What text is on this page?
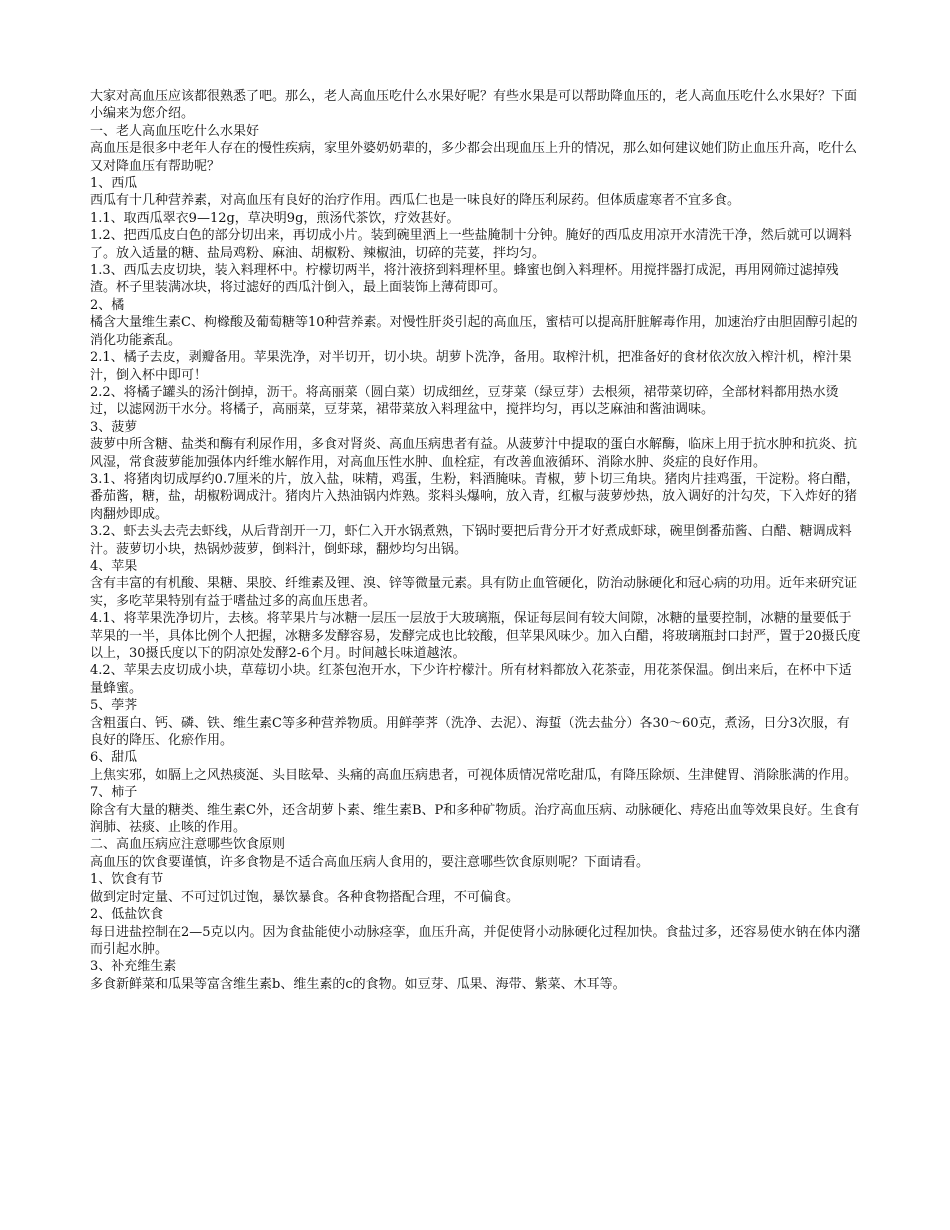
大家对高血压应该都很熟悉了吧。那么，老人高血压吃什么水果好呢？有些水果是可以帮助降血压的，老人高血压吃什么水果好？下面小编来为您介绍。

一、老人高血压吃什么水果好

高血压是很多中老年人存在的慢性疾病，家里外婆奶奶辈的，多少都会出现血压上升的情况，那么如何建议她们防止血压升高，吃什么又对降血压有帮助呢？

1、西瓜

西瓜有十几种营养素，对高血压有良好的治疗作用。西瓜仁也是一味良好的降压利尿药。但体质虚寒者不宜多食。

1.1、取西瓜翠衣9—12g，草决明9g，煎汤代茶饮，疗效甚好。

1.2、把西瓜皮白色的部分切出来，再切成小片。装到碗里洒上一些盐腌制十分钟。腌好的西瓜皮用凉开水清洗干净，然后就可以调料了。放入适量的糖、盐局鸡粉、麻油、胡椒粉、辣椒油，切碎的芫荽，拌均匀。

1.3、西瓜去皮切块，装入料理杯中。柠檬切两半，将汁液挤到料理杯里。蜂蜜也倒入料理杯。用搅拌器打成泥，再用网筛过滤掉残渣。杯子里装满冰块，将过滤好的西瓜汁倒入，最上面装饰上薄荷即可。

2、橘

橘含大量维生素C、枸橼酸及葡萄糖等10种营养素。对慢性肝炎引起的高血压，蜜桔可以提高肝脏解毒作用，加速治疗由胆固醇引起的消化功能紊乱。

2.1、橘子去皮，剥瓣备用。苹果洗净，对半切开，切小块。胡萝卜洗净，备用。取榨汁机，把准备好的食材依次放入榨汁机，榨汁果汁，倒入杯中即可！

2.2、将橘子罐头的汤汁倒掉，沥干。将高丽菜（圆白菜）切成细丝，豆芽菜（绿豆芽）去根须，裙带菜切碎，全部材料都用热水烫过，以滤网沥干水分。将橘子，高丽菜，豆芽菜，裙带菜放入料理盆中，搅拌均匀，再以芝麻油和酱油调味。

3、菠萝

菠萝中所含糖、盐类和酶有利尿作用，多食对肾炎、高血压病患者有益。从菠萝汁中提取的蛋白水解酶，临床上用于抗水肿和抗炎、抗风湿，常食菠萝能加强体内纤维水解作用，对高血压性水肿、血栓症，有改善血液循环、消除水肿、炎症的良好作用。

3.1、将猪肉切成厚约0.7厘米的片，放入盐，味精，鸡蛋，生粉，料酒腌味。青椒，萝卜切三角块。猪肉片挂鸡蛋，干淀粉。将白醋，番茄酱，糖，盐，胡椒粉调成汁。猪肉片入热油锅内炸熟。浆料头爆响，放入青，红椒与菠萝炒热，放入调好的汁勾芡，下入炸好的猪肉翻炒即成。

3.2、虾去头去壳去虾线，从后背剖开一刀，虾仁入开水锅煮熟，下锅时要把后背分开才好煮成虾球，碗里倒番茄酱、白醋、糖调成料汁。菠萝切小块，热锅炒菠萝，倒料汁，倒虾球，翻炒均匀出锅。

4、苹果

含有丰富的有机酸、果糖、果胶、纤维素及锂、溴、锌等微量元素。具有防止血管硬化，防治动脉硬化和冠心病的功用。近年来研究证实，多吃苹果特别有益于嗜盐过多的高血压患者。

4.1、将苹果洗净切片，去核。将苹果片与冰糖一层压一层放于大玻璃瓶，保证每层间有较大间隙，冰糖的量要控制，冰糖的量要低于苹果的一半，具体比例个人把握，冰糖多发酵容易，发酵完成也比较酸，但苹果风味少。加入白醋，将玻璃瓶封口封严，置于20摄氏度以上，30摄氏度以下的阴凉处发酵2-6个月。时间越长味道越浓。

4.2、苹果去皮切成小块，草莓切小块。红茶包泡开水，下少许柠檬汁。所有材料都放入花茶壶，用花茶保温。倒出来后，在杯中下适量蜂蜜。

5、荸荠

含粗蛋白、钙、磷、铁、维生素C等多种营养物质。用鲜荸荠（洗净、去泥）、海蜇（洗去盐分）各30～60克，煮汤，日分3次服，有良好的降压、化瘀作用。

6、甜瓜

上焦实邪，如膈上之风热痰涎、头目眩晕、头痛的高血压病患者，可视体质情况常吃甜瓜，有降压除烦、生津健胃、消除胀满的作用。

7、柿子

除含有大量的糖类、维生素C外，还含胡萝卜素、维生素B、P和多种矿物质。治疗高血压病、动脉硬化、痔疮出血等效果良好。生食有润肺、祛痰、止咳的作用。

二、高血压病应注意哪些饮食原则

高血压的饮食要谨慎，许多食物是不适合高血压病人食用的，要注意哪些饮食原则呢？下面请看。

1、饮食有节

做到定时定量、不可过饥过饱，暴饮暴食。各种食物搭配合理，不可偏食。

2、低盐饮食

每日进盐控制在2—5克以内。因为食盐能使小动脉痉挛，血压升高，并促使肾小动脉硬化过程加快。食盐过多，还容易使水钠在体内潴而引起水肿。

3、补充维生素

多食新鲜菜和瓜果等富含维生素b、维生素的c的食物。如豆芽、瓜果、海带、紫菜、木耳等。
